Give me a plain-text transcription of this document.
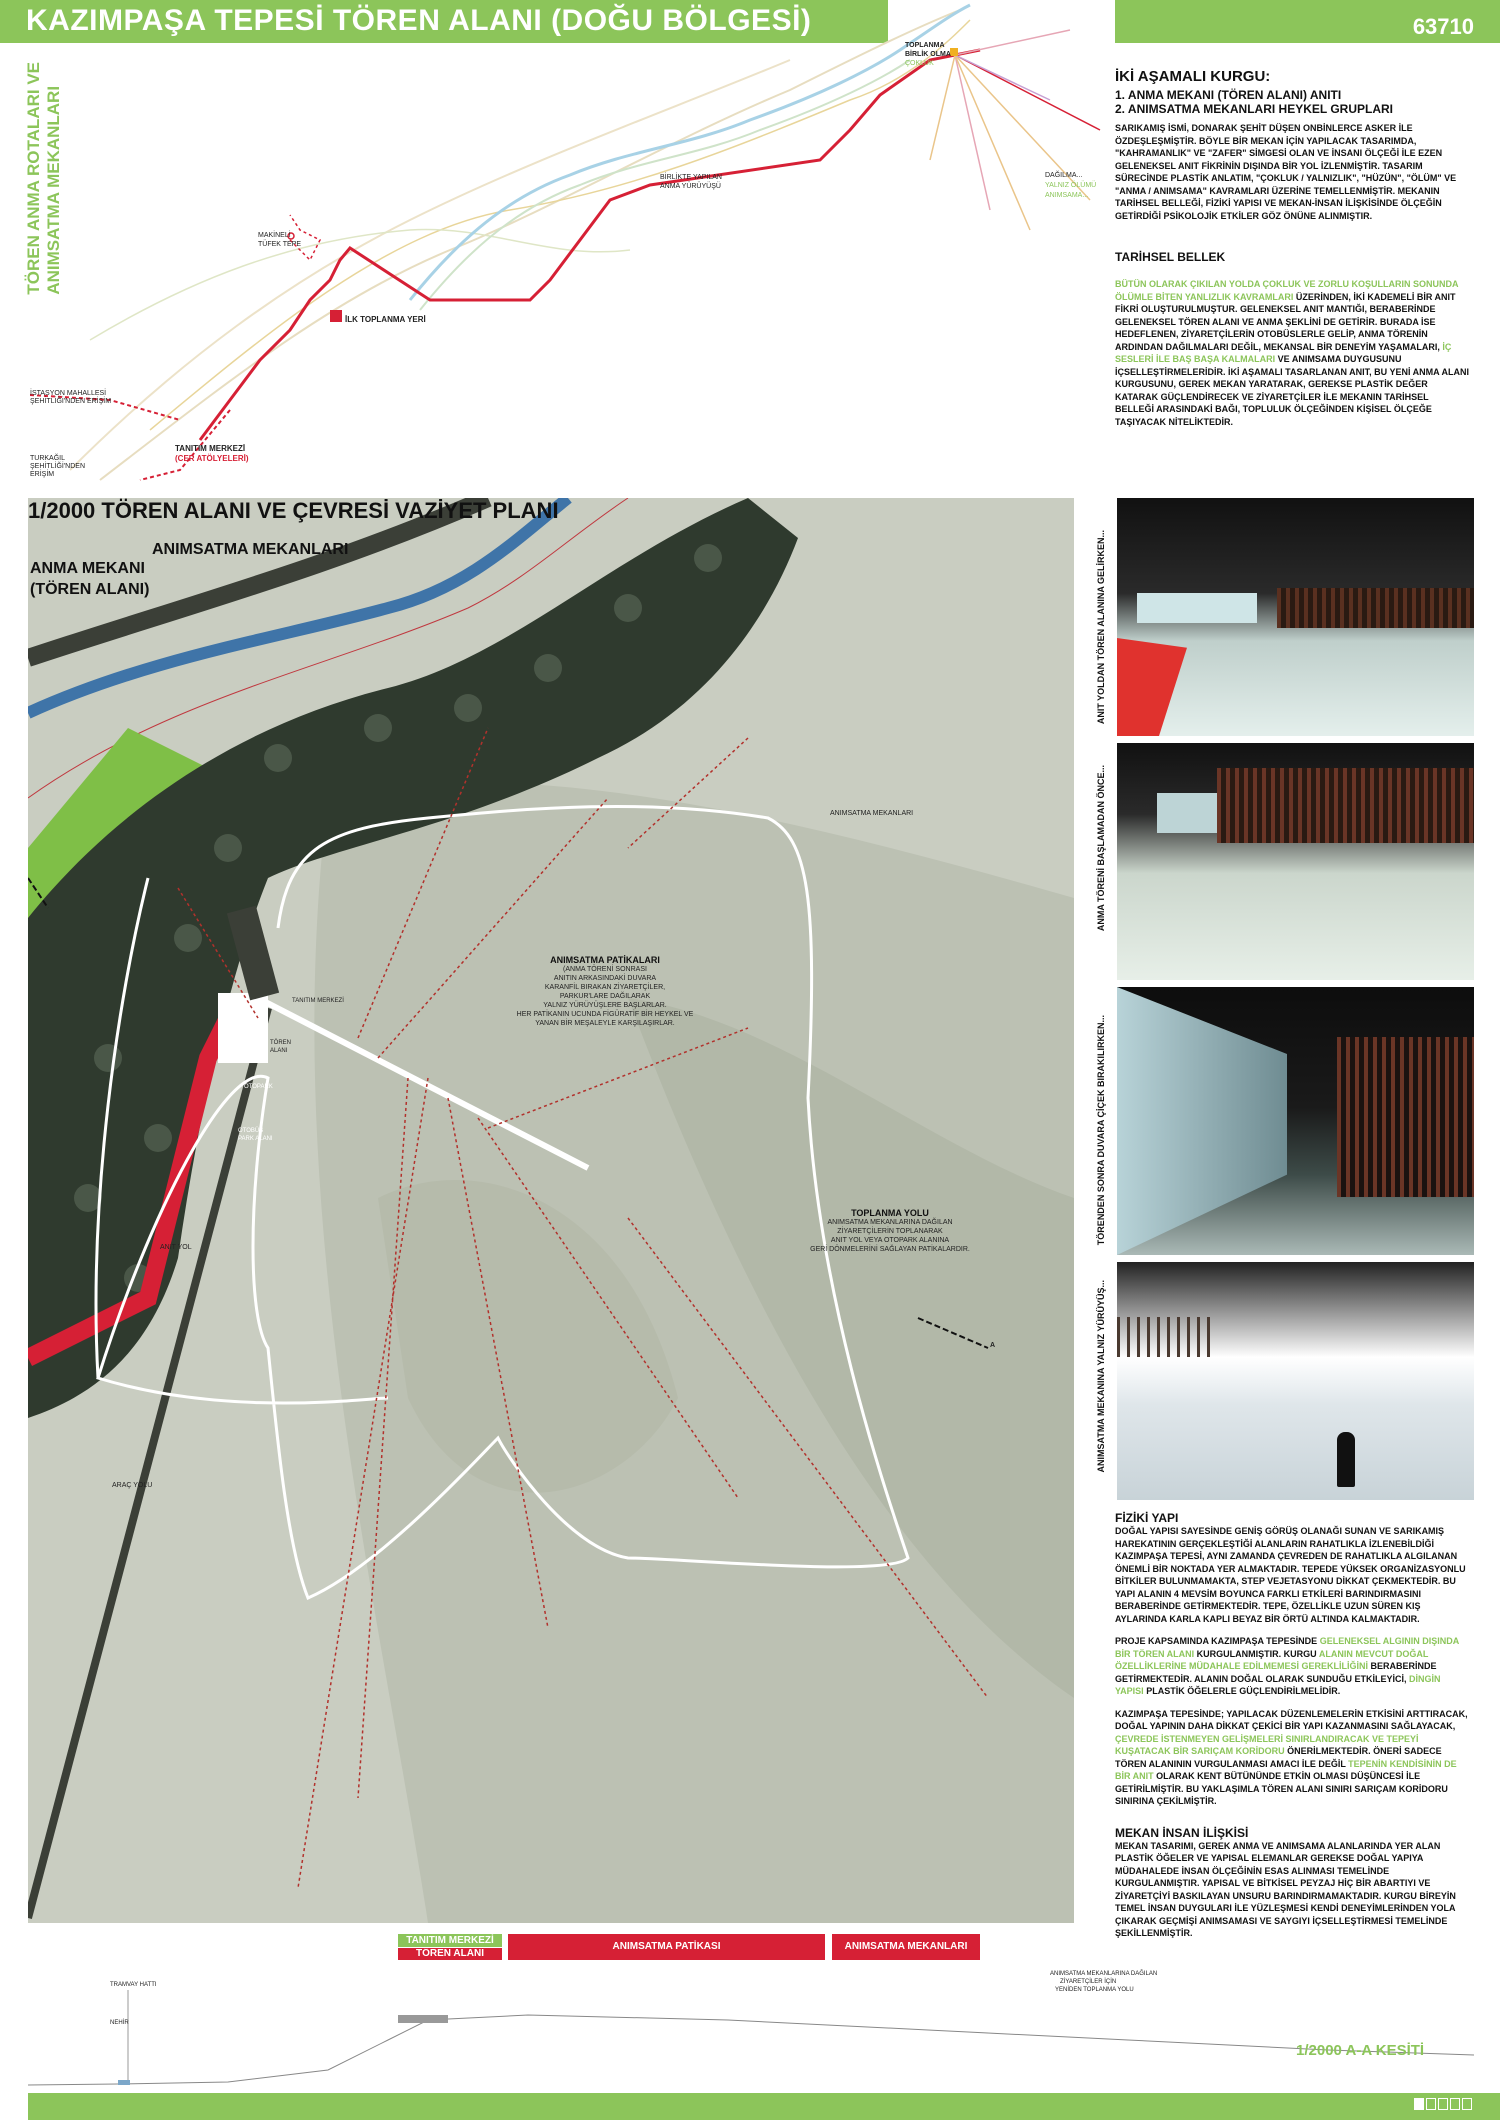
KAZIMPAŞA TEPESİ TÖREN ALANI (DOĞU BÖLGESİ)	63710
TÖREN ANMA ROTALARI VE ANIMSATMA MEKANLARI
TOPLANMA
BİRLİK OLMA
ÇOKLUK
BİRLİKTE YAPILAN
ANMA YÜRÜYÜŞÜ
DAĞILMA...
YALNIZ ÖLÜMÜ
ANIMSAMA...
MAKİNELİ
TÜFEK TEPE
İLK TOPLANMA YERİ
İSTASYON MAHALLESİ
ŞEHİTLİĞİ'NDEN ERİŞİM
TANITIM MERKEZİ
(CER ATÖLYELERİ)
TURKAĞIL
ŞEHİTLİĞİ'NDEN
ERİŞİM
İKİ AŞAMALI KURGU:
1. ANMA MEKANI (TÖREN ALANI) ANITI
2. ANIMSATMA MEKANLARI HEYKEL GRUPLARI
SARIKAMIŞ İSMİ, DONARAK ŞEHİT DÜŞEN ONBİNLERCE ASKER İLE ÖZDEŞLEŞMİŞTİR. BÖYLE BİR MEKAN İÇİN YAPILACAK TASARIMDA, "KAHRAMANLIK" VE "ZAFER" SİMGESİ OLAN VE İNSANI ÖLÇEĞİ İLE EZEN GELENEKSEL ANIT FİKRİNİN DIŞINDA BİR YOL İZLENMİŞTİR. TASARIM SÜRECİNDE PLASTİK ANLATIM, "ÇOKLUK / YALNIZLIK", "HÜZÜN", "ÖLÜM" VE "ANMA / ANIMSAMA" KAVRAMLARI ÜZERİNE TEMELLENMİŞTİR. MEKANIN TARİHSEL BELLEĞİ, FİZİKİ YAPISI VE MEKAN-İNSAN İLİŞKİSİNDE ÖLÇEĞİN GETİRDİĞİ PSİKOLOJİK ETKİLER GÖZ ÖNÜNE ALINMIŞTIR.
TARİHSEL BELLEK
BÜTÜN OLARAK ÇIKILAN YOLDA ÇOKLUK VE ZORLU KOŞULLARIN SONUNDA ÖLÜMLE BİTEN YANLIZLIK KAVRAMLARI ÜZERİNDEN, İKİ KADEMELİ BİR ANIT FİKRİ OLUŞTURULMUŞTUR. GELENEKSEL ANIT MANTIĞI, BERABERİNDE GELENEKSEL TÖREN ALANI VE ANMA ŞEKLİNİ DE GETİRİR. BURADA İSE HEDEFLENEN, ZİYARETÇİLERİN OTOBÜSLERLE GELİP, ANMA TÖRENİN ARDINDAN DAĞILMALARI DEĞİL, MEKANSAL BİR DENEYİM YAŞAMALARI, İÇ SESLERİ İLE BAŞ BAŞA KALMALARI VE ANIMSAMA DUYGUSUNU İÇSELLEŞTİRMELERİDİR. İKİ AŞAMALI TASARLANAN ANIT, BU YENİ ANMA ALANI KURGUSUNU, GEREK MEKAN YARATARAK, GEREKSE PLASTİK DEĞER KATARAK GÜÇLENDİRECEK VE ZİYARETÇİLER İLE MEKANIN TARİHSEL BELLEĞİ ARASINDAKİ BAĞI, TOPLULUK ÖLÇEĞİNDEN KİŞİSEL ÖLÇEĞE TAŞIYACAK NİTELİKTEDİR.
1/2000 TÖREN ALANI VE ÇEVRESİ VAZİYET PLANI
ANIMSATMA MEKANLARI
ANMA MEKANI
(TÖREN ALANI)
ANIMSATMA MEKANLARI
ANIMSATMA PATİKALARI
(ANMA TÖRENİ SONRASI
ANITIN ARKASINDAKİ DUVARA
KARANFİL BIRAKAN ZİYARETÇİLER,
PARKUR'LARE DAĞILARAK
YALNIZ YÜRÜYÜŞLERE BAŞLARLAR.
HER PATİKANIN UCUNDA FİGÜRATİF BİR HEYKEL VE
YANAN BİR MEŞALEYLE KARŞILAŞIRLAR.
TOPLANMA YOLU
ANIMSATMA MEKANLARINA DAĞILAN
ZİYARETÇİLERİN TOPLANARAK
ANIT YOL VEYA OTOPARK ALANINA
GERİ DÖNMELERİNİ SAĞLAYAN PATİKALARDIR.
TANITIM MERKEZİ
TÖREN
ALANI
OTOPARK
OTOBÜS
PARK ALANI
ANIT YOL
ARAÇ YOLU
A
ANIT YOLDAN TÖREN ALANINA GELİRKEN...
ANMA TÖRENİ BAŞLAMADAN ÖNCE...
TÖRENDEN SONRA DUVARA ÇİÇEK BIRAKILIRKEN...
ANIMSATMA MEKANINA YALNIZ YÜRÜYÜŞ...
FİZİKİ YAPI
DOĞAL YAPISI SAYESİNDE GENİŞ GÖRÜŞ OLANAĞI SUNAN VE SARIKAMIŞ HAREKATININ GERÇEKLEŞTİĞİ ALANLARIN RAHATLIKLA İZLENEBİLDİĞİ KAZIMPAŞA TEPESİ, AYNI ZAMANDA ÇEVREDEN DE RAHATLIKLA ALGILANAN ÖNEMLİ BİR NOKTADA YER ALMAKTADIR. TEPEDE YÜKSEK ORGANİZASYONLU BİTKİLER BULUNMAMAKTA, STEP VEJETASYONU DİKKAT ÇEKMEKTEDİR. BU YAPI ALANIN 4 MEVSİM BOYUNCA FARKLI ETKİLERİ BARINDIRMASINI BERABERİNDE GETİRMEKTEDİR. TEPE, ÖZELLİKLE UZUN SÜREN KIŞ AYLARINDA KARLA KAPLI BEYAZ BİR ÖRTÜ ALTINDA KALMAKTADIR.
PROJE KAPSAMINDA KAZIMPAŞA TEPESİNDE GELENEKSEL ALGININ DIŞINDA BİR TÖREN ALANI KURGULANMIŞTIR. KURGU ALANIN MEVCUT DOĞAL ÖZELLİKLERİNE MÜDAHALE EDİLMEMESİ GEREKLİLİĞİNİ BERABERİNDE GETİRMEKTEDİR. ALANIN DOĞAL OLARAK SUNDUĞU ETKİLEYİCİ, DİNGİN YAPISI PLASTİK ÖĞELERLE GÜÇLENDİRİLMELİDİR.
KAZIMPAŞA TEPESİNDE; YAPILACAK DÜZENLEMELERİN ETKİSİNİ ARTTIRACAK, DOĞAL YAPININ DAHA DİKKAT ÇEKİCİ BİR YAPI KAZANMASINI SAĞLAYACAK, ÇEVREDE İSTENMEYEN GELİŞMELERİ SINIRLANDIRACAK VE TEPEYİ KUŞATACAK BİR SARIÇAM KORİDORU ÖNERİLMEKTEDİR. ÖNERİ SADECE TÖREN ALANININ VURGULANMASI AMACI İLE DEĞİL TEPENİN KENDİSİNİN DE BİR ANIT OLARAK KENT BÜTÜNÜNDE ETKİN OLMASI DÜŞÜNCESİ İLE GETİRİLMİŞTİR. BU YAKLAŞIMLA TÖREN ALANI SINIRI SARIÇAM KORİDORU SINIRINA ÇEKİLMİŞTİR.
MEKAN İNSAN İLİŞKİSİ
MEKAN TASARIMI, GEREK ANMA VE ANIMSAMA ALANLARINDA YER ALAN PLASTİK ÖĞELER VE YAPISAL ELEMANLAR GEREKSE DOĞAL YAPIYA MÜDAHALEDE İNSAN ÖLÇEĞİNİN ESAS ALINMASI TEMELİNDE KURGULANMIŞTIR. YAPISAL VE BİTKİSEL PEYZAJ HİÇ BİR ABARTIYI VE ZİYARETÇİYİ BASKILAYAN UNSURU BARINDIRMAMAKTADIR. KURGU BİREYİN TEMEL İNSAN DUYGULARI İLE YÜZLEŞMESİ KENDİ DENEYİMLERİNDEN YOLA ÇIKARAK GEÇMİŞİ ANIMSAMASI VE SAYGIYI İÇSELLEŞTİRMESİ TEMELİNDE ŞEKİLLENMİŞTİR.
TANITIM MERKEZİ
TÖREN ALANI
ANIMSATMA PATİKASI	ANIMSATMA MEKANLARI
TRAMVAY HATTI
NEHİR
ANIMSATMA MEKANLARINA DAĞILAN
ZİYARETÇİLER İÇİN
YENİDEN TOPLANMA YOLU
1/2000 A-A KESİTİ
